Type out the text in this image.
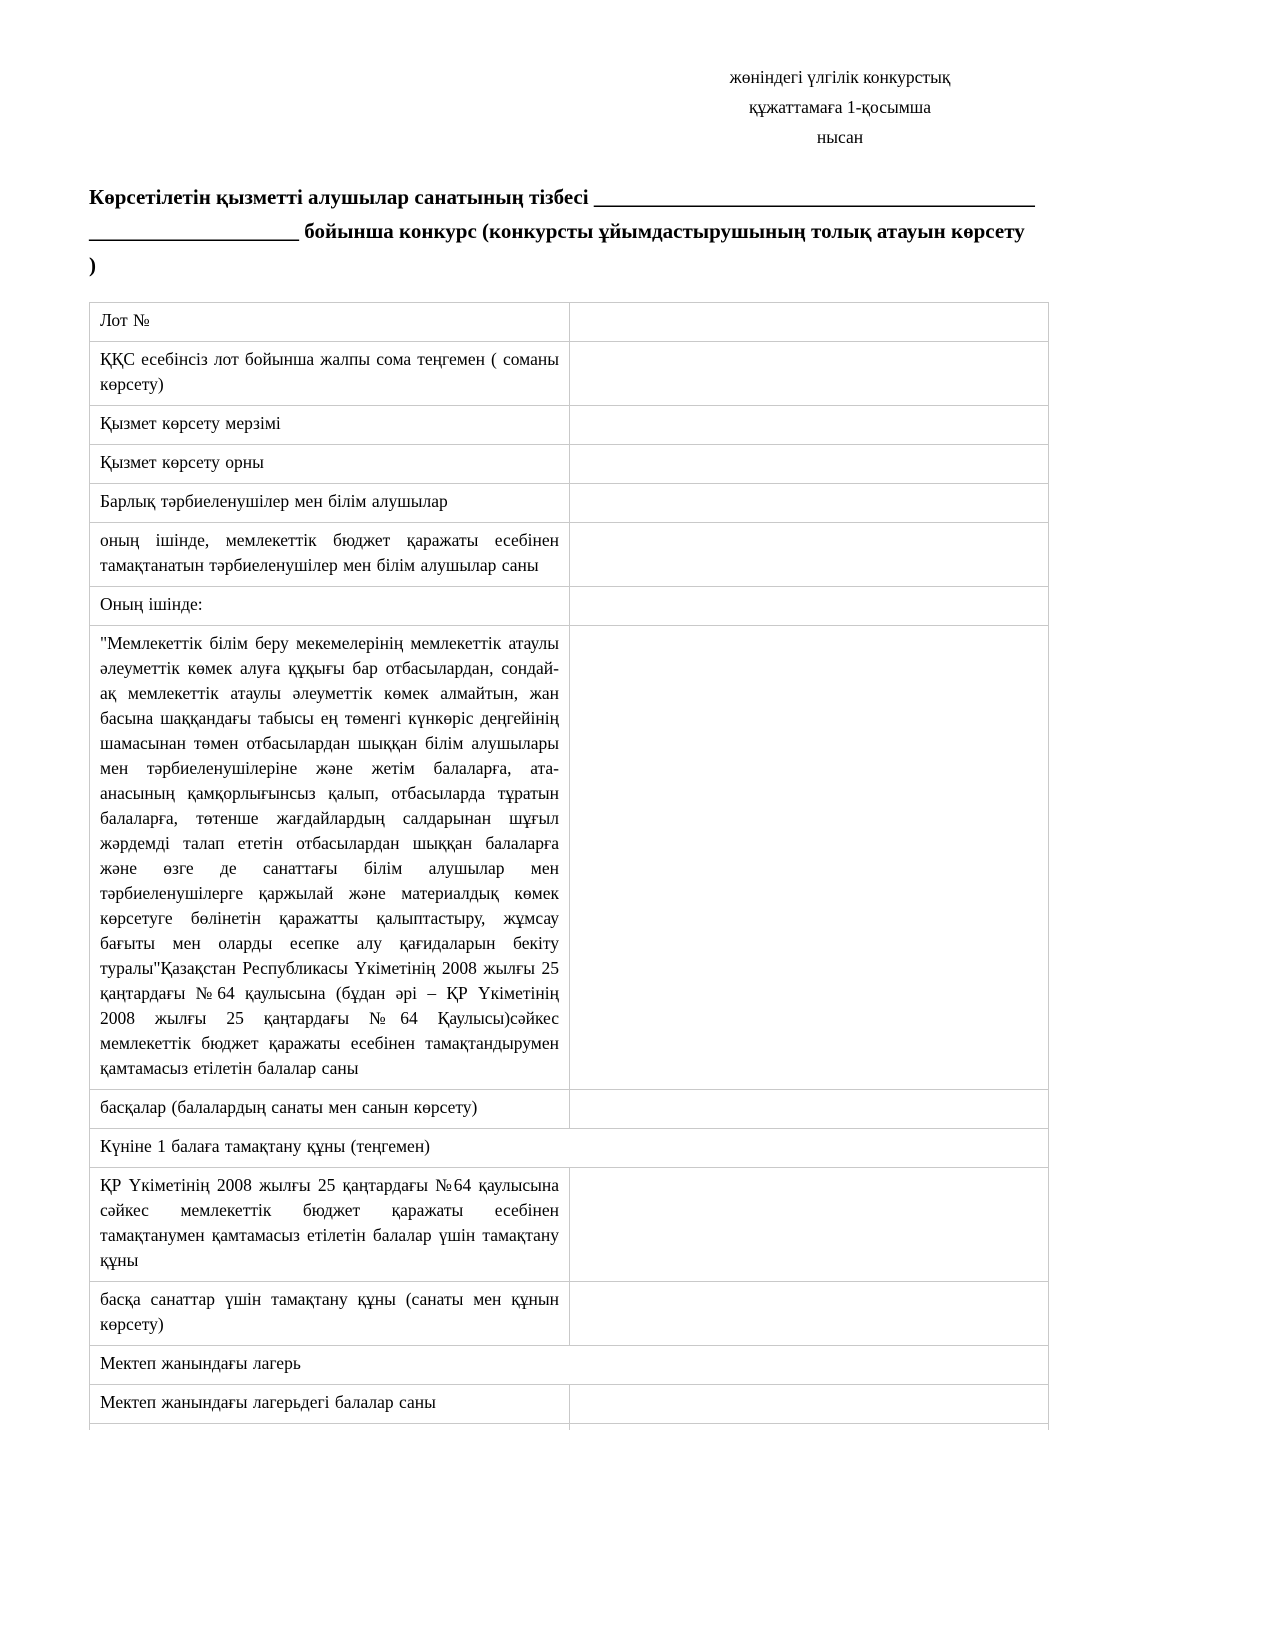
жөніндегі үлгілік конкурстық
құжаттамаға 1-қосымша
нысан
Көрсетілетін қызметті алушылар санатының тізбесі __________________________________________
____________________ бойынша конкурс (конкурсты ұйымдастырушының толық атауын көрсету
)
Лот №	
ҚҚС есебінсіз лот бойынша жалпы сома теңгемен ( соманы көрсету)	
Қызмет көрсету мерзімі	
Қызмет көрсету орны	
Барлық тәрбиеленушілер мен білім алушылар	
оның ішінде, мемлекеттік бюджет қаражаты есебінен тамақтанатын тәрбиеленушілер мен білім алушылар саны	
Оның ішінде:	
"Мемлекеттік білім беру мекемелерінің мемлекеттік атаулы әлеуметтік көмек алуға құқығы бар отбасылардан, сондай-ақ мемлекеттік атаулы әлеуметтік көмек алмайтын, жан басына шаққандағы табысы ең төменгі күнкөріс деңгейінің шамасынан төмен отбасылардан шыққан білім алушылары мен тәрбиеленушілеріне және жетім балаларға, ата-анасының қамқорлығынсыз қалып, отбасыларда тұратын балаларға, төтенше жағдайлардың салдарынан шұғыл жәрдемді талап ететін отбасылардан шыққан балаларға және өзге де санаттағы білім алушылар мен тәрбиеленушілерге қаржылай және материалдық көмек көрсетуге бөлінетін қаражатты қалыптастыру, жұмсау бағыты мен оларды есепке алу қағидаларын бекіту туралы"Қазақстан Республикасы Үкіметінің 2008 жылғы 25 қаңтардағы №64 қаулысына (бұдан әрі – ҚР Үкіметінің 2008 жылғы 25 қаңтардағы №64 Қаулысы)сәйкес мемлекеттік бюджет қаражаты есебінен тамақтандырумен қамтамасыз етілетін балалар саны	
басқалар (балалардың санаты мен санын көрсету)	
Күніне 1 балаға тамақтану құны (теңгемен)	
ҚР Үкіметінің 2008 жылғы 25 қаңтардағы №64 қаулысына сәйкес мемлекеттік бюджет қаражаты есебінен тамақтанумен қамтамасыз етілетін балалар үшін тамақтану құны	
басқа санаттар үшін тамақтану құны (санаты мен құнын көрсету)	
Мектеп жанындағы лагерь	
Мектеп жанындағы лагерьдегі балалар саны	
